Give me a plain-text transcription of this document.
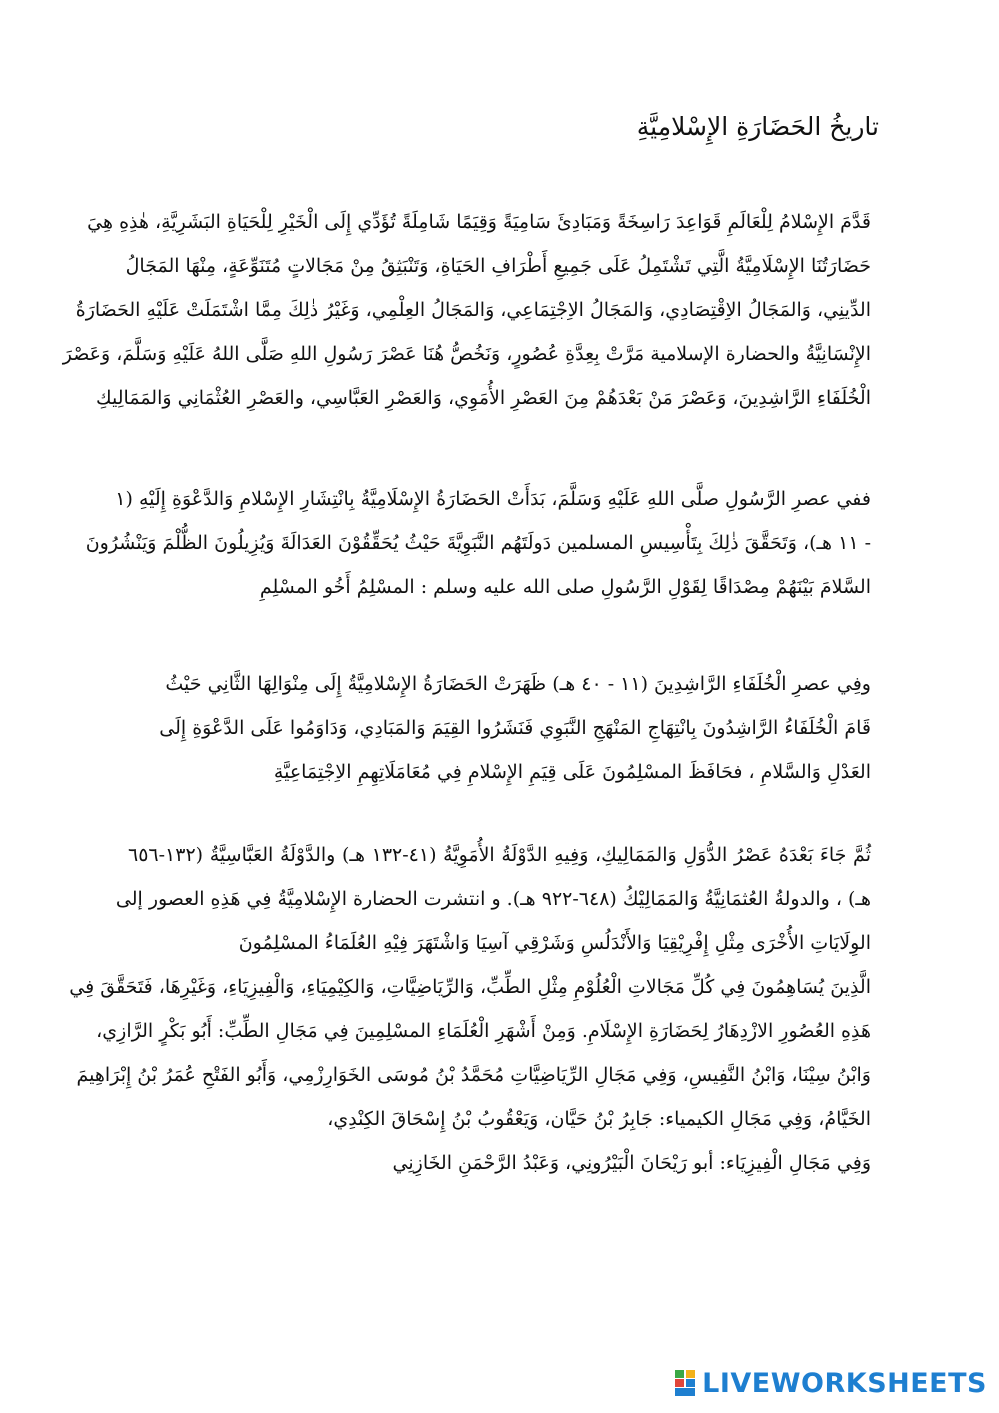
تاريخُ الحَضَارَةِ الإِسْلامِيَّةِ
قَدَّمَ الإِسْلامُ لِلْعَالَمِ قَوَاعِدَ رَاسِخَةً وَمَبَادِئَ سَامِيَةً وَقِيَمًا شَامِلَةً تُؤَدِّي إِلَى الْخَيْرِ لِلْحَيَاةِ البَشَرِيَّةِ، هٰذِهِ هِيَ
حَضَارَتُنَا الإِسْلَامِيَّةُ الَّتِي تَشْتَمِلُ عَلَى جَمِيعِ أَطْرَافِ الحَيَاةِ، وَتَنْبَثِقُ مِنْ مَجَالاتٍ مُتَنَوِّعَةٍ، مِنْهَا المَجَالُ
الدِّينِي، وَالمَجَالُ الاِقْتِصَادِي، وَالمَجَالُ الاِجْتِمَاعِي، وَالمَجَالُ العِلْمِي، وَغَيْرُ ذٰلِكَ مِمَّا اشْتَمَلَتْ عَلَيْهِ الحَضَارَةُ
الإِنْسَانِيَّةُ والحضارة الإسلامية مَرَّتْ بِعِدَّةِ عُصُورٍ، وَنَخُصُّ هُنَا عَصْرَ رَسُولِ اللهِ صَلَّى اللهُ عَلَيْهِ وَسَلَّمَ، وَعَصْرَ
الْخُلَفَاءِ الرَّاشِدِينَ، وَعَصْرَ مَنْ بَعْدَهُمْ مِنَ العَصْرِ الأُمَوِي، وَالعَصْرِ العَبَّاسِي، والعَصْرِ العُثْمَانِي وَالمَمَالِيكِ
ففي عصرِ الرَّسُولِ صلَّى اللهِ عَلَيْهِ وَسَلَّمَ، بَدَأَتْ الحَضَارَةُ الإِسْلَامِيَّةُ بِانْتِشَارِ الإِسْلامِ وَالدَّعْوَةِ إِلَيْهِ (١
- ١١ هـ)، وَتَحَقَّقَ ذٰلِكَ بِتَأْسِيسِ المسلمين دَولَتَهُم النَّبَوِيَّةَ حَيْثُ يُحَقِّقُوْنَ العَدَالَةَ وَيُزِيلُونَ الظُّلْمَ وَيَنْشُرُونَ
السَّلامَ بَيْنَهُمْ مِصْدَاقًا لِقَوْلِ الرَّسُولِ صلى الله عليه وسلم : المسْلِمُ أَخُو المسْلِمِ
وفِي عصرِ الْخُلَفَاءِ الرَّاشِدِينَ (١١ - ٤٠ هـ) ظَهَرَتْ الحَضَارَةُ الإِسْلامِيَّةُ إِلَى مِنْوَالِهَا الثَّانِي حَيْثُ
قَامَ الْخُلَفَاءُ الرَّاشِدُونَ بِانْتِهَاجِ المَنْهَجِ النَّبَوِي فَنَشَرُوا القِيَمَ وَالمَبَادِي، وَدَاوَمُوا عَلَى الدَّعْوَةِ إِلَى
العَدْلِ وَالسَّلامِ ، فحَافَظَ المسْلِمُونَ عَلَى قِيَمِ الإِسْلامِ فِي مُعَامَلَاتِهِمِ الاِجْتِمَاعِيَّةِ
ثُمَّ جَاءَ بَعْدَهُ عَصْرُ الدُّوَلِ وَالمَمَالِيكِ، وَفِيهِ الدَّوْلَةُ الأُمَوِيَّةُ (٤١-١٣٢ هـ) والدَّوْلَةُ العَبَّاسِيَّةُ (١٣٢-٦٥٦
هـ) ، والدولةُ العُثمَانِيَّةُ وَالمَمَالِيْكُ (٦٤٨-٩٢٢ هـ). و انتشرت الحضارة الإِسْلامِيَّةُ فِي هَذِهِ العصور إلى
الوِلَايَاتِ الأُخْرَى مِثْلِ إِفْرِيْقِيَا وَالأَنْدَلُسِ وَشَرْقِي آسِيَا وَاشْتَهَرَ فِيْهِ العُلَمَاءُ المسْلِمُونَ
الَّذِينَ يُسَاهِمُونَ فِي كُلِّ مَجَالاتِ الْعُلُوْمِ مِثْلِ الطِّبِّ، وَالرِّيَاضِيَّاتِ، وَالكِيْمِيَاءِ، وَالْفِيزِيَاءِ، وَغَيْرِهَا، فَتَحَقَّقَ فِي
هَذِهِ العُصُورِ الازْدِهَارُ لِحَضَارَةِ الإِسْلَامِ. وَمِنْ أَشْهَرِ الْعُلَمَاءِ المسْلِمِينَ فِي مَجَالِ الطِّبِّ: أَبُو بَكْرٍ الرَّازِي،
وَابْنُ سِيْنَا، وَابْنُ النَّفِيسِ، وَفِي مَجَالِ الرِّيَاضِيَّاتِ مُحَمَّدُ بْنُ مُوسَى الخَوَارِزْمِي، وَأَبُو الفَتْحِ عُمَرُ بْنُ إِبْرَاهِيمَ
الخَيَّامُ، وَفِي مَجَالِ الكيمياء: جَابِرُ بْنُ حَيَّان، وَيَعْقُوبُ بْنُ إِسْحَاقَ الكِنْدِي،
وَفِي مَجَالِ الْفِيزِيَاء: أبو رَيْحَانَ الْبَيْرُونِي، وَعَبْدُ الرَّحْمَنِ الخَازِنِي
LIVEWORKSHEETS
